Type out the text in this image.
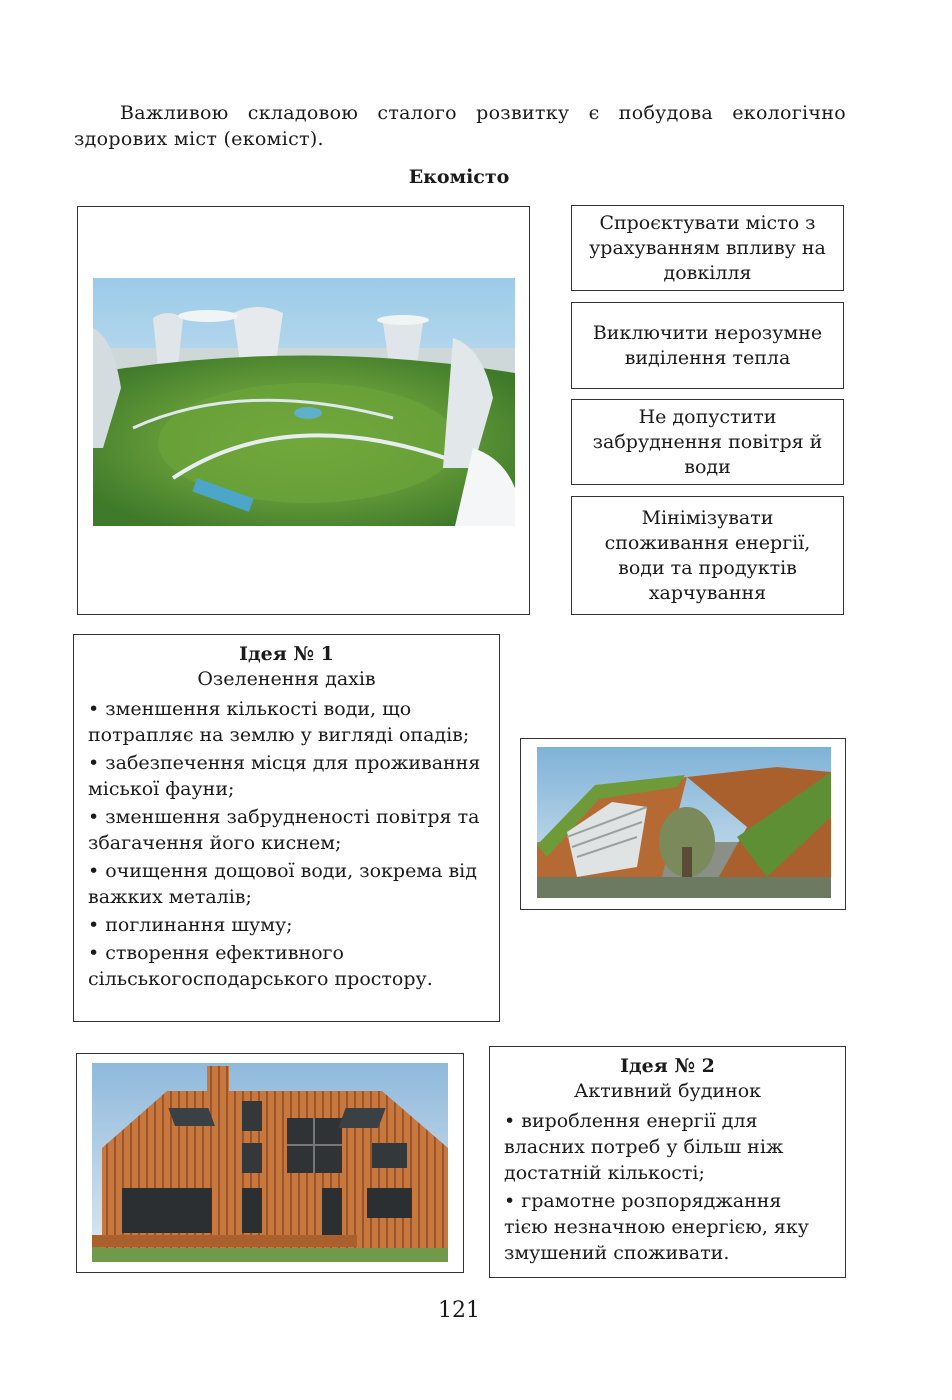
Важливою складовою сталого розвитку є побудова екологічно здорових міст (екоміст).

Екомісто
Спроєктувати місто з урахуванням впливу на довкілля
Виключити нерозумне виділення тепла
Не допустити забруднення повітря й води
Мінімізувати споживання енергії, води та продуктів харчування
Ідея № 1
Озеленення дахів
• зменшення кількості води, що потрапляє на землю у вигляді опадів;
• забезпечення місця для проживання міської фауни;
• зменшення забрудненості повітря та збагачення його киснем;
• очищення дощової води, зокрема від важких металів;
• поглинання шуму;
• створення ефективного сільськогосподарського простору.
Ідея № 2
Активний будинок
• вироблення енергії для власних потреб у більш ніж достатній кількості;
• грамотне розпоряджання тією незначною енергією, яку змушений споживати.
121
